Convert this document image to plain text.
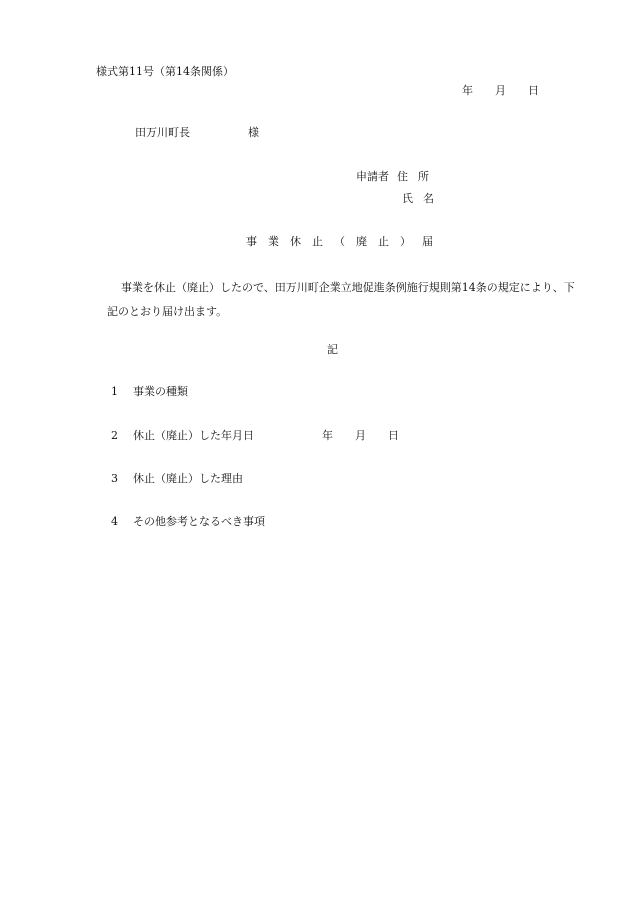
様式第11号（第14条関係）
年 月 日
田万川町長	様
申請者 住 所
氏 名
事業休止（廃止）届
事業を休止（廃止）したので、田万川町企業立地促進条例施行規則第14条の規定により、下記のとおり届け出ます。
記
1 事業の種類
2 休止（廃止）した年月日	年 月 日
3 休止（廃止）した理由
4 その他参考となるべき事項
